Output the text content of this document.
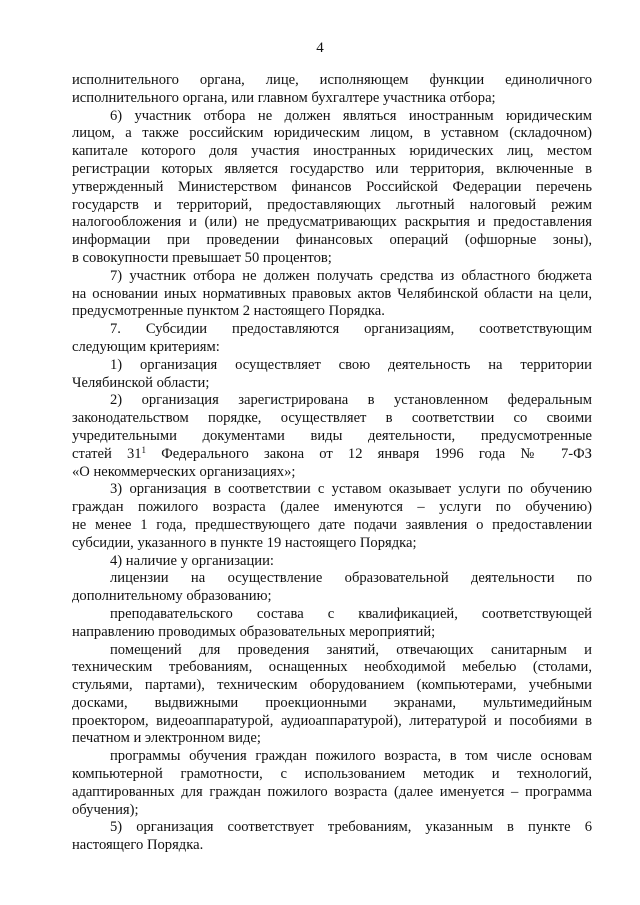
4
исполнительного органа, лице, исполняющем функции единоличного
исполнительного органа, или главном бухгалтере участника отбора;
6) участник отбора не должен являться иностранным юридическим
лицом, а также российским юридическим лицом, в уставном (складочном)
капитале которого доля участия иностранных юридических лиц, местом
регистрации которых является государство или территория, включенные в
утвержденный Министерством финансов Российской Федерации перечень
государств и территорий, предоставляющих льготный налоговый режим
налогообложения и (или) не предусматривающих раскрытия и предоставления
информации при проведении финансовых операций (офшорные зоны),
в совокупности превышает 50 процентов;
7) участник отбора не должен получать средства из областного бюджета
на основании иных нормативных правовых актов Челябинской области на цели,
предусмотренные пунктом 2 настоящего Порядка.
7. Субсидии предоставляются организациям, соответствующим
следующим критериям:
1) организация осуществляет свою деятельность на территории
Челябинской области;
2) организация зарегистрирована в установленном федеральным
законодательством порядке, осуществляет в соответствии со своими
учредительными документами виды деятельности, предусмотренные
статей $31^1$ Федерального закона от 12 января 1996 года № 7-ФЗ
«О некоммерческих организациях»;
3) организация в соответствии с уставом оказывает услуги по обучению
граждан пожилого возраста (далее именуются – услуги по обучению)
не менее 1 года, предшествующего дате подачи заявления о предоставлении
субсидии, указанного в пункте 19 настоящего Порядка;
4) наличие у организации:
лицензии на осуществление образовательной деятельности по
дополнительному образованию;
преподавательского состава с квалификацией, соответствующей
направлению проводимых образовательных мероприятий;
помещений для проведения занятий, отвечающих санитарным и
техническим требованиям, оснащенных необходимой мебелью (столами,
стульями, партами), техническим оборудованием (компьютерами, учебными
досками, выдвижными проекционными экранами, мультимедийным
проектором, видеоаппаратурой, аудиоаппаратурой), литературой и пособиями в
печатном и электронном виде;
программы обучения граждан пожилого возраста, в том числе основам
компьютерной грамотности, с использованием методик и технологий,
адаптированных для граждан пожилого возраста (далее именуется – программа
обучения);
5) организация соответствует требованиям, указанным в пункте 6
настоящего Порядка.
